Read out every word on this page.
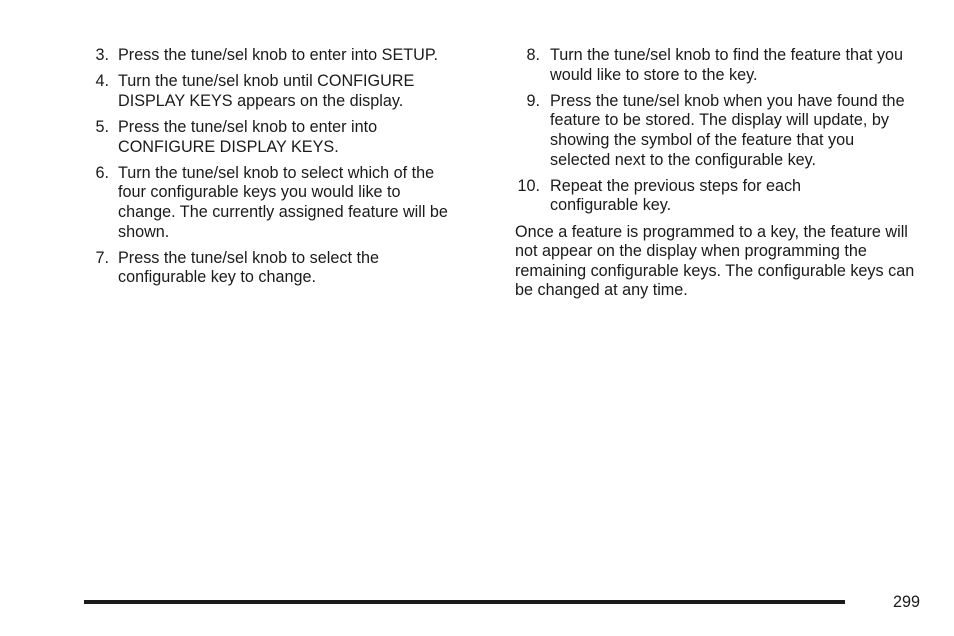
3. Press the tune/sel knob to enter into SETUP.
4. Turn the tune/sel knob until CONFIGURE DISPLAY KEYS appears on the display.
5. Press the tune/sel knob to enter into CONFIGURE DISPLAY KEYS.
6. Turn the tune/sel knob to select which of the four configurable keys you would like to change. The currently assigned feature will be shown.
7. Press the tune/sel knob to select the configurable key to change.
8. Turn the tune/sel knob to find the feature that you would like to store to the key.
9. Press the tune/sel knob when you have found the feature to be stored. The display will update, by showing the symbol of the feature that you selected next to the configurable key.
10. Repeat the previous steps for each configurable key.

Once a feature is programmed to a key, the feature will not appear on the display when programming the remaining configurable keys. The configurable keys can be changed at any time.

299
